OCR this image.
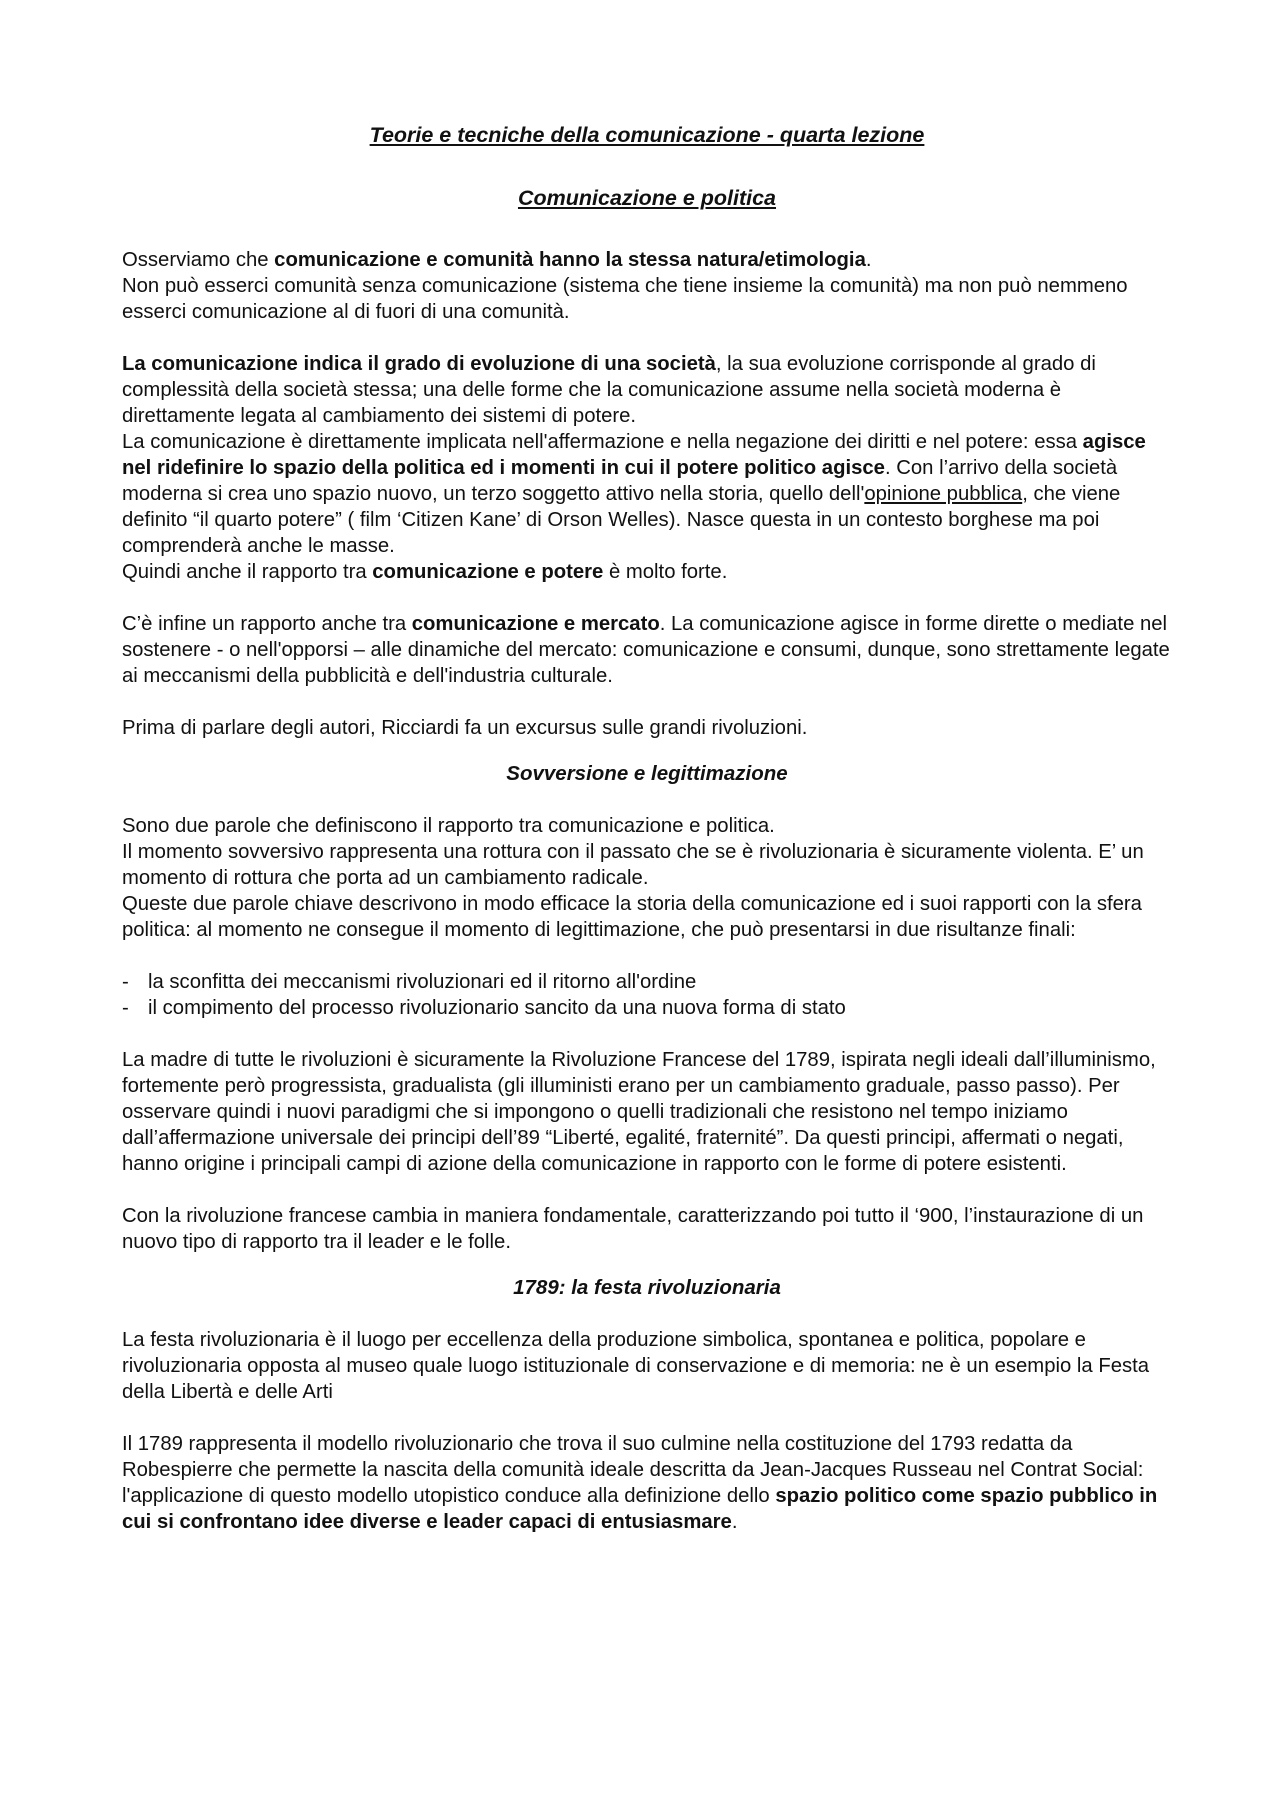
Teorie e tecniche della comunicazione - quarta lezione
Comunicazione e politica

Osserviamo che comunicazione e comunità hanno la stessa natura/etimologia.
Non può esserci comunità senza comunicazione (sistema che tiene insieme la comunità) ma non può nemmeno esserci comunicazione al di fuori di una comunità.

La comunicazione indica il grado di evoluzione di una società, la sua evoluzione corrisponde al grado di complessità della società stessa; una delle forme che la comunicazione assume nella società moderna è direttamente legata al cambiamento dei sistemi di potere.
La comunicazione è direttamente implicata nell'affermazione e nella negazione dei diritti e nel potere: essa agisce nel ridefinire lo spazio della politica ed i momenti in cui il potere politico agisce. Con l’arrivo della società moderna si crea uno spazio nuovo, un terzo soggetto attivo nella storia, quello dell'opinione pubblica, che viene definito “il quarto potere” ( film ‘Citizen Kane’ di Orson Welles). Nasce questa in un contesto borghese ma poi comprenderà anche le masse.
Quindi anche il rapporto tra comunicazione e potere è molto forte.

C’è infine un rapporto anche tra comunicazione e mercato. La comunicazione agisce in forme dirette o mediate nel sostenere - o nell'opporsi – alle dinamiche del mercato: comunicazione e consumi, dunque, sono strettamente legate ai meccanismi della pubblicità e dell'industria culturale.

Prima di parlare degli autori, Ricciardi fa un excursus sulle grandi rivoluzioni.

Sovversione e legittimazione

Sono due parole che definiscono il rapporto tra comunicazione e politica.
Il momento sovversivo rappresenta una rottura con il passato che se è rivoluzionaria è sicuramente violenta. E’ un momento di rottura che porta ad un cambiamento radicale.
Queste due parole chiave descrivono in modo efficace la storia della comunicazione ed i suoi rapporti con la sfera politica: al momento ne consegue il momento di legittimazione, che può presentarsi in due risultanze finali:

- la sconfitta dei meccanismi rivoluzionari ed il ritorno all'ordine
- il compimento del processo rivoluzionario sancito da una nuova forma di stato

La madre di tutte le rivoluzioni è sicuramente la Rivoluzione Francese del 1789, ispirata negli ideali dall’illuminismo, fortemente però progressista, gradualista (gli illuministi erano per un cambiamento graduale, passo passo). Per osservare quindi i nuovi paradigmi che si impongono o quelli tradizionali che resistono nel tempo iniziamo dall’affermazione universale dei principi dell’89 “Liberté, egalité, fraternité”. Da questi principi, affermati o negati, hanno origine i principali campi di azione della comunicazione in rapporto con le forme di potere esistenti.

Con la rivoluzione francese cambia in maniera fondamentale, caratterizzando poi tutto il ‘900, l’instaurazione di un nuovo tipo di rapporto tra il leader e le folle.

1789: la festa rivoluzionaria

La festa rivoluzionaria è il luogo per eccellenza della produzione simbolica, spontanea e politica, popolare e rivoluzionaria opposta al museo quale luogo istituzionale di conservazione e di memoria: ne è un esempio la Festa della Libertà e delle Arti

Il 1789 rappresenta il modello rivoluzionario che trova il suo culmine nella costituzione del 1793 redatta da Robespierre che permette la nascita della comunità ideale descritta da Jean-Jacques Russeau nel Contrat Social: l'applicazione di questo modello utopistico conduce alla definizione dello spazio politico come spazio pubblico in cui si confrontano idee diverse e leader capaci di entusiasmare.
